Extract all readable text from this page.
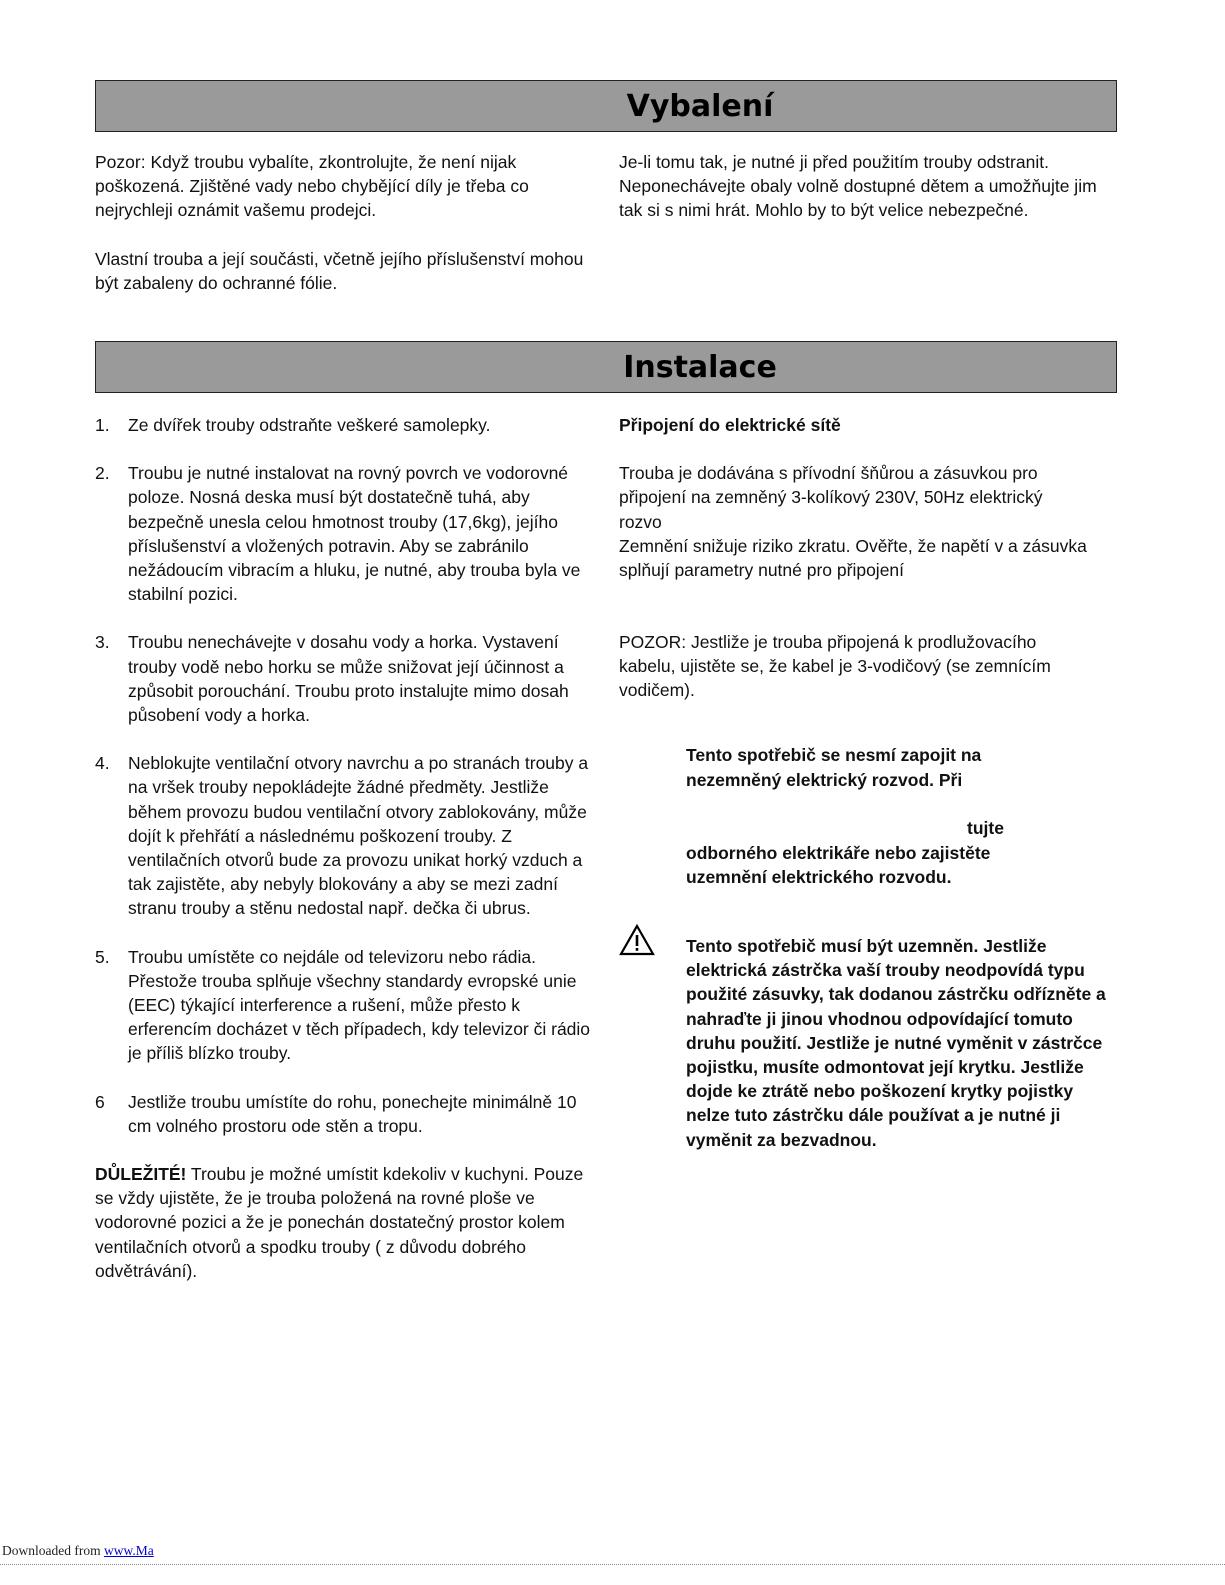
Vybalení

Pozor: Když troubu vybalíte, zkontrolujte, že není nijak poškozená. Zjištěné vady nebo chybějící díly je třeba co nejrychleji oznámit vašemu prodejci.

Vlastní trouba a její součásti, včetně jejího příslušenství mohou být zabaleny do ochranné fólie.

Je-li tomu tak, je nutné ji před použitím trouby odstranit. Neponechávejte obaly volně dostupné dětem a umožňujte jim tak si s nimi hrát. Mohlo by to být velice nebezpečné.

Instalace

1. Ze dvířek trouby odstraňte veškeré samolepky.

2. Troubu je nutné instalovat na rovný povrch ve vodorovné poloze. Nosná deska musí být dostatečně tuhá, aby bezpečně unesla celou hmotnost trouby (17,6kg), jejího příslušenství a vložených potravin. Aby se zabránilo nežádoucím vibracím a hluku, je nutné, aby trouba byla ve stabilní pozici.

3. Troubu nenechávejte v dosahu vody a horka. Vystavení trouby vodě nebo horku se může snižovat její účinnost a způsobit porouchání. Troubu proto instalujte mimo dosah působení vody a horka.

4. Neblokujte ventilační otvory navrchu a po stranách trouby a na vršek trouby nepokládejte žádné předměty. Jestliže během provozu budou ventilační otvory zablokovány, může dojít k přehřátí a následnému poškození trouby. Z ventilačních otvorů bude za provozu unikat horký vzduch a tak zajistěte, aby nebyly blokovány a aby se mezi zadní stranu trouby a stěnu nedostal např. dečka či ubrus.

5. Troubu umístěte co nejdále od televizoru nebo rádia. Přestože trouba splňuje všechny standardy evropské unie (EEC) týkající interference a rušení, může přesto k erferencím docházet v těch případech, kdy televizor či rádio je příliš blízko trouby.

6 Jestliže troubu umístíte do rohu, ponechejte minimálně 10 cm volného prostoru ode stěn a tropu.

DŮLEŽITÉ! Troubu je možné umístit kdekoliv v kuchyni. Pouze se vždy ujistěte, že je trouba položená na rovné ploše ve vodorovné pozici a že je ponechán dostatečný prostor kolem ventilačních otvorů a spodku trouby ( z důvodu dobrého odvětrávání).

Připojení do elektrické sítě

Trouba je dodávána s přívodní šňůrou a zásuvkou pro připojení na zemněný 3-kolíkový 230V, 50Hz elektrický rozvo

Zemnění snižuje riziko zkratu. Ověřte, že napětí v a zásuvka splňují parametry nutné pro připojení

POZOR: Jestliže je trouba připojená k prodlužovacího kabelu, ujistěte se, že kabel je 3-vodičový (se zemnícím vodičem).

Tento spotřebič se nesmí zapojit na

nezemněný elektrický rozvod. Při

tujte

odborného elektrikáře nebo zajistěte

uzemnění elektrického rozvodu.

Tento spotřebič musí být uzemněn. Jestliže elektrická zástrčka vaší trouby neodpovídá typu použité zásuvky, tak dodanou zástrčku odřízněte a nahraďte ji jinou vhodnou odpovídající tomuto druhu použití. Jestliže je nutné vyměnit v zástrčce pojistku, musíte odmontovat její krytku. Jestliže dojde ke ztrátě nebo poškození krytky pojistky nelze tuto zástrčku dále používat a je nutné ji vyměnit za bezvadnou.

Downloaded from www.Ma
